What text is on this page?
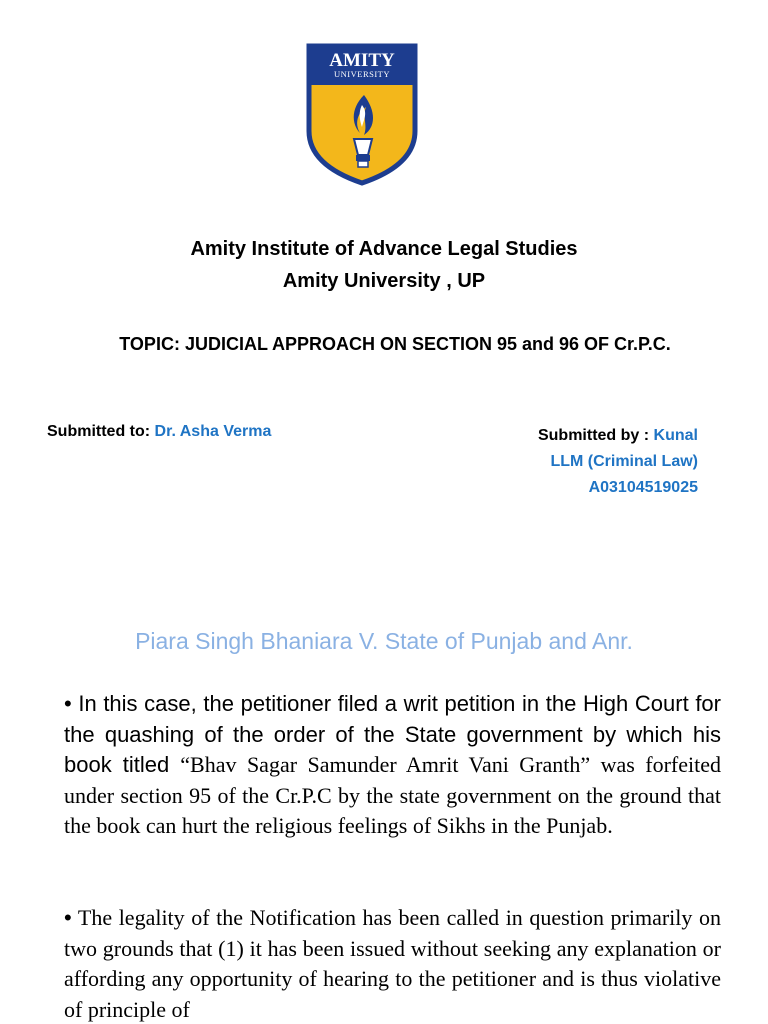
AMITY
UNIVERSITY
Amity Institute of Advance Legal Studies
Amity University , UP
TOPIC: JUDICIAL APPROACH ON SECTION 95 and 96 OF Cr.P.C.
Submitted to: Dr. Asha Verma	Submitted by : Kunal
LLM (Criminal Law)
A03104519025
Piara Singh Bhaniara V. State of Punjab and Anr.
• In this case, the petitioner filed a writ petition in the High Court for the quashing of the order of the State government by which his book titled “Bhav Sagar Samunder Amrit Vani Granth” was forfeited under section 95 of the Cr.P.C by the state government on the ground that the book can hurt the religious feelings of Sikhs in the Punjab.
• The legality of the Notification has been called in question primarily on two grounds that (1) it has been issued without seeking any explanation or affording any opportunity of hearing to the petitioner and is thus violative of principle of
